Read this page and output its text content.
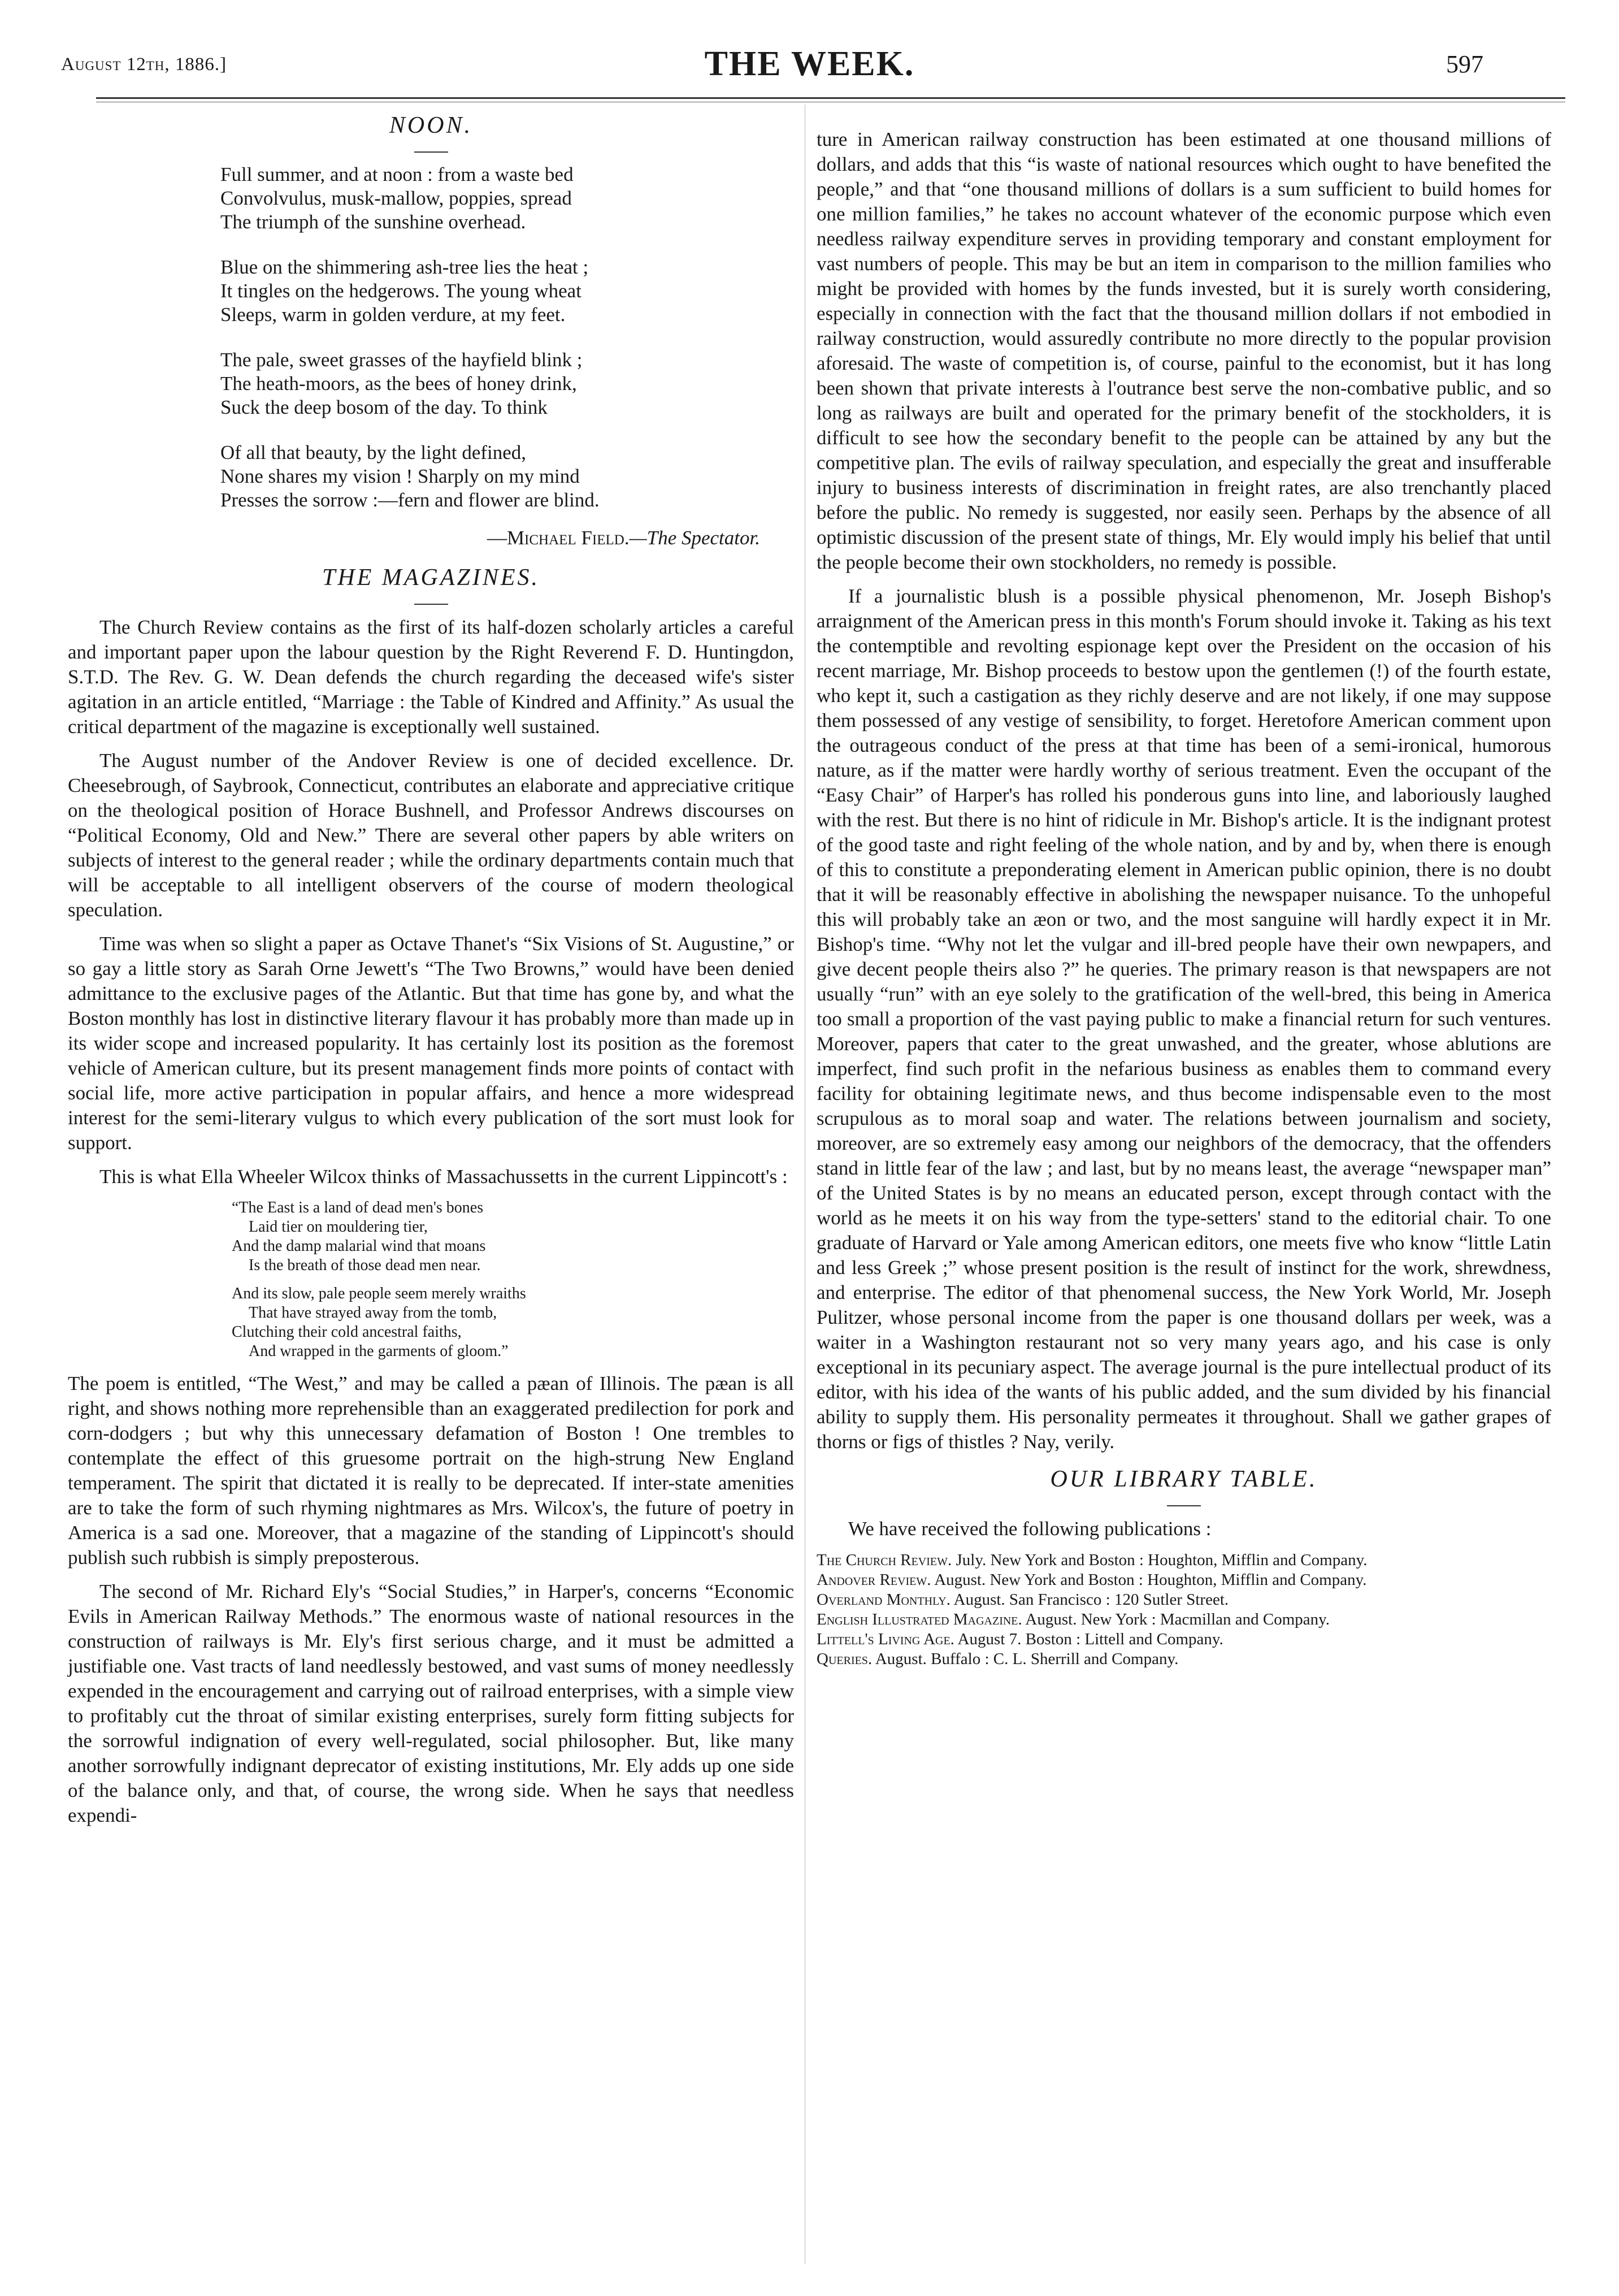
August 12th, 1886.]	THE WEEK.	597
NOON.
Full summer, and at noon : from a waste bed
Convolvulus, musk-mallow, poppies, spread
The triumph of the sunshine overhead.
Blue on the shimmering ash-tree lies the heat ;
It tingles on the hedgerows. The young wheat
Sleeps, warm in golden verdure, at my feet.
The pale, sweet grasses of the hayfield blink ;
The heath-moors, as the bees of honey drink,
Suck the deep bosom of the day. To think
Of all that beauty, by the light defined,
None shares my vision ! Sharply on my mind
Presses the sorrow :—fern and flower are blind.
—Michael Field.—The Spectator.
THE MAGAZINES.

The Church Review contains as the first of its half-dozen scholarly articles a careful and important paper upon the labour question by the Right Reverend F. D. Huntingdon, S.T.D. The Rev. G. W. Dean defends the church regarding the deceased wife's sister agitation in an article entitled, “Marriage : the Table of Kindred and Affinity.” As usual the critical department of the magazine is exceptionally well sustained.

The August number of the Andover Review is one of decided excellence. Dr. Cheesebrough, of Saybrook, Connecticut, contributes an elaborate and appreciative critique on the theological position of Horace Bushnell, and Professor Andrews discourses on “Political Economy, Old and New.” There are several other papers by able writers on subjects of interest to the general reader ; while the ordinary departments contain much that will be acceptable to all intelligent observers of the course of modern theological speculation.

Time was when so slight a paper as Octave Thanet's “Six Visions of St. Augustine,” or so gay a little story as Sarah Orne Jewett's “The Two Browns,” would have been denied admittance to the exclusive pages of the Atlantic. But that time has gone by, and what the Boston monthly has lost in distinctive literary flavour it has probably more than made up in its wider scope and increased popularity. It has certainly lost its position as the foremost vehicle of American culture, but its present management finds more points of contact with social life, more active participation in popular affairs, and hence a more widespread interest for the semi-literary vulgus to which every publication of the sort must look for support.

This is what Ella Wheeler Wilcox thinks of Massachussetts in the current Lippincott's :

“The East is a land of dead men's bones
Laid tier on mouldering tier,
And the damp malarial wind that moans
Is the breath of those dead men near.
And its slow, pale people seem merely wraiths
That have strayed away from the tomb,
Clutching their cold ancestral faiths,
And wrapped in the garments of gloom.”

The poem is entitled, “The West,” and may be called a pæan of Illinois. The pæan is all right, and shows nothing more reprehensible than an exaggerated predilection for pork and corn-dodgers ; but why this unnecessary defamation of Boston ! One trembles to contemplate the effect of this gruesome portrait on the high-strung New England temperament. The spirit that dictated it is really to be deprecated. If inter-state amenities are to take the form of such rhyming nightmares as Mrs. Wilcox's, the future of poetry in America is a sad one. Moreover, that a magazine of the standing of Lippincott's should publish such rubbish is simply preposterous.

The second of Mr. Richard Ely's “Social Studies,” in Harper's, concerns “Economic Evils in American Railway Methods.” The enormous waste of national resources in the construction of railways is Mr. Ely's first serious charge, and it must be admitted a justifiable one. Vast tracts of land needlessly bestowed, and vast sums of money needlessly expended in the encouragement and carrying out of railroad enterprises, with a simple view to profitably cut the throat of similar existing enterprises, surely form fitting subjects for the sorrowful indignation of every well-regulated, social philosopher. But, like many another sorrowfully indignant deprecator of existing institutions, Mr. Ely adds up one side of the balance only, and that, of course, the wrong side. When he says that needless expendi-

ture in American railway construction has been estimated at one thousand millions of dollars, and adds that this “is waste of national resources which ought to have benefited the people,” and that “one thousand millions of dollars is a sum sufficient to build homes for one million families,” he takes no account whatever of the economic purpose which even needless railway expenditure serves in providing temporary and constant employment for vast numbers of people. This may be but an item in comparison to the million families who might be provided with homes by the funds invested, but it is surely worth considering, especially in connection with the fact that the thousand million dollars if not embodied in railway construction, would assuredly contribute no more directly to the popular provision aforesaid. The waste of competition is, of course, painful to the economist, but it has long been shown that private interests à l'outrance best serve the non-combative public, and so long as railways are built and operated for the primary benefit of the stockholders, it is difficult to see how the secondary benefit to the people can be attained by any but the competitive plan. The evils of railway speculation, and especially the great and insufferable injury to business interests of discrimination in freight rates, are also trenchantly placed before the public. No remedy is suggested, nor easily seen. Perhaps by the absence of all optimistic discussion of the present state of things, Mr. Ely would imply his belief that until the people become their own stockholders, no remedy is possible.

If a journalistic blush is a possible physical phenomenon, Mr. Joseph Bishop's arraignment of the American press in this month's Forum should invoke it. Taking as his text the contemptible and revolting espionage kept over the President on the occasion of his recent marriage, Mr. Bishop proceeds to bestow upon the gentlemen (!) of the fourth estate, who kept it, such a castigation as they richly deserve and are not likely, if one may suppose them possessed of any vestige of sensibility, to forget. Heretofore American comment upon the outrageous conduct of the press at that time has been of a semi-ironical, humorous nature, as if the matter were hardly worthy of serious treatment. Even the occupant of the “Easy Chair” of Harper's has rolled his ponderous guns into line, and laboriously laughed with the rest. But there is no hint of ridicule in Mr. Bishop's article. It is the indignant protest of the good taste and right feeling of the whole nation, and by and by, when there is enough of this to constitute a preponderating element in American public opinion, there is no doubt that it will be reasonably effective in abolishing the newspaper nuisance. To the unhopeful this will probably take an æon or two, and the most sanguine will hardly expect it in Mr. Bishop's time. “Why not let the vulgar and ill-bred people have their own newpapers, and give decent people theirs also ?” he queries. The primary reason is that newspapers are not usually “run” with an eye solely to the gratification of the well-bred, this being in America too small a proportion of the vast paying public to make a financial return for such ventures. Moreover, papers that cater to the great unwashed, and the greater, whose ablutions are imperfect, find such profit in the nefarious business as enables them to command every facility for obtaining legitimate news, and thus become indispensable even to the most scrupulous as to moral soap and water. The relations between journalism and society, moreover, are so extremely easy among our neighbors of the democracy, that the offenders stand in little fear of the law ; and last, but by no means least, the average “newspaper man” of the United States is by no means an educated person, except through contact with the world as he meets it on his way from the type-setters' stand to the editorial chair. To one graduate of Harvard or Yale among American editors, one meets five who know “little Latin and less Greek ;” whose present position is the result of instinct for the work, shrewdness, and enterprise. The editor of that phenomenal success, the New York World, Mr. Joseph Pulitzer, whose personal income from the paper is one thousand dollars per week, was a waiter in a Washington restaurant not so very many years ago, and his case is only exceptional in its pecuniary aspect. The average journal is the pure intellectual product of its editor, with his idea of the wants of his public added, and the sum divided by his financial ability to supply them. His personality permeates it throughout. Shall we gather grapes of thorns or figs of thistles ? Nay, verily.

OUR LIBRARY TABLE.

We have received the following publications :

The Church Review. July. New York and Boston : Houghton, Mifflin and Company.
Andover Review. August. New York and Boston : Houghton, Mifflin and Company.
Overland Monthly. August. San Francisco : 120 Sutler Street.
English Illustrated Magazine. August. New York : Macmillan and Company.
Littell's Living Age. August 7. Boston : Littell and Company.
Queries. August. Buffalo : C. L. Sherrill and Company.
